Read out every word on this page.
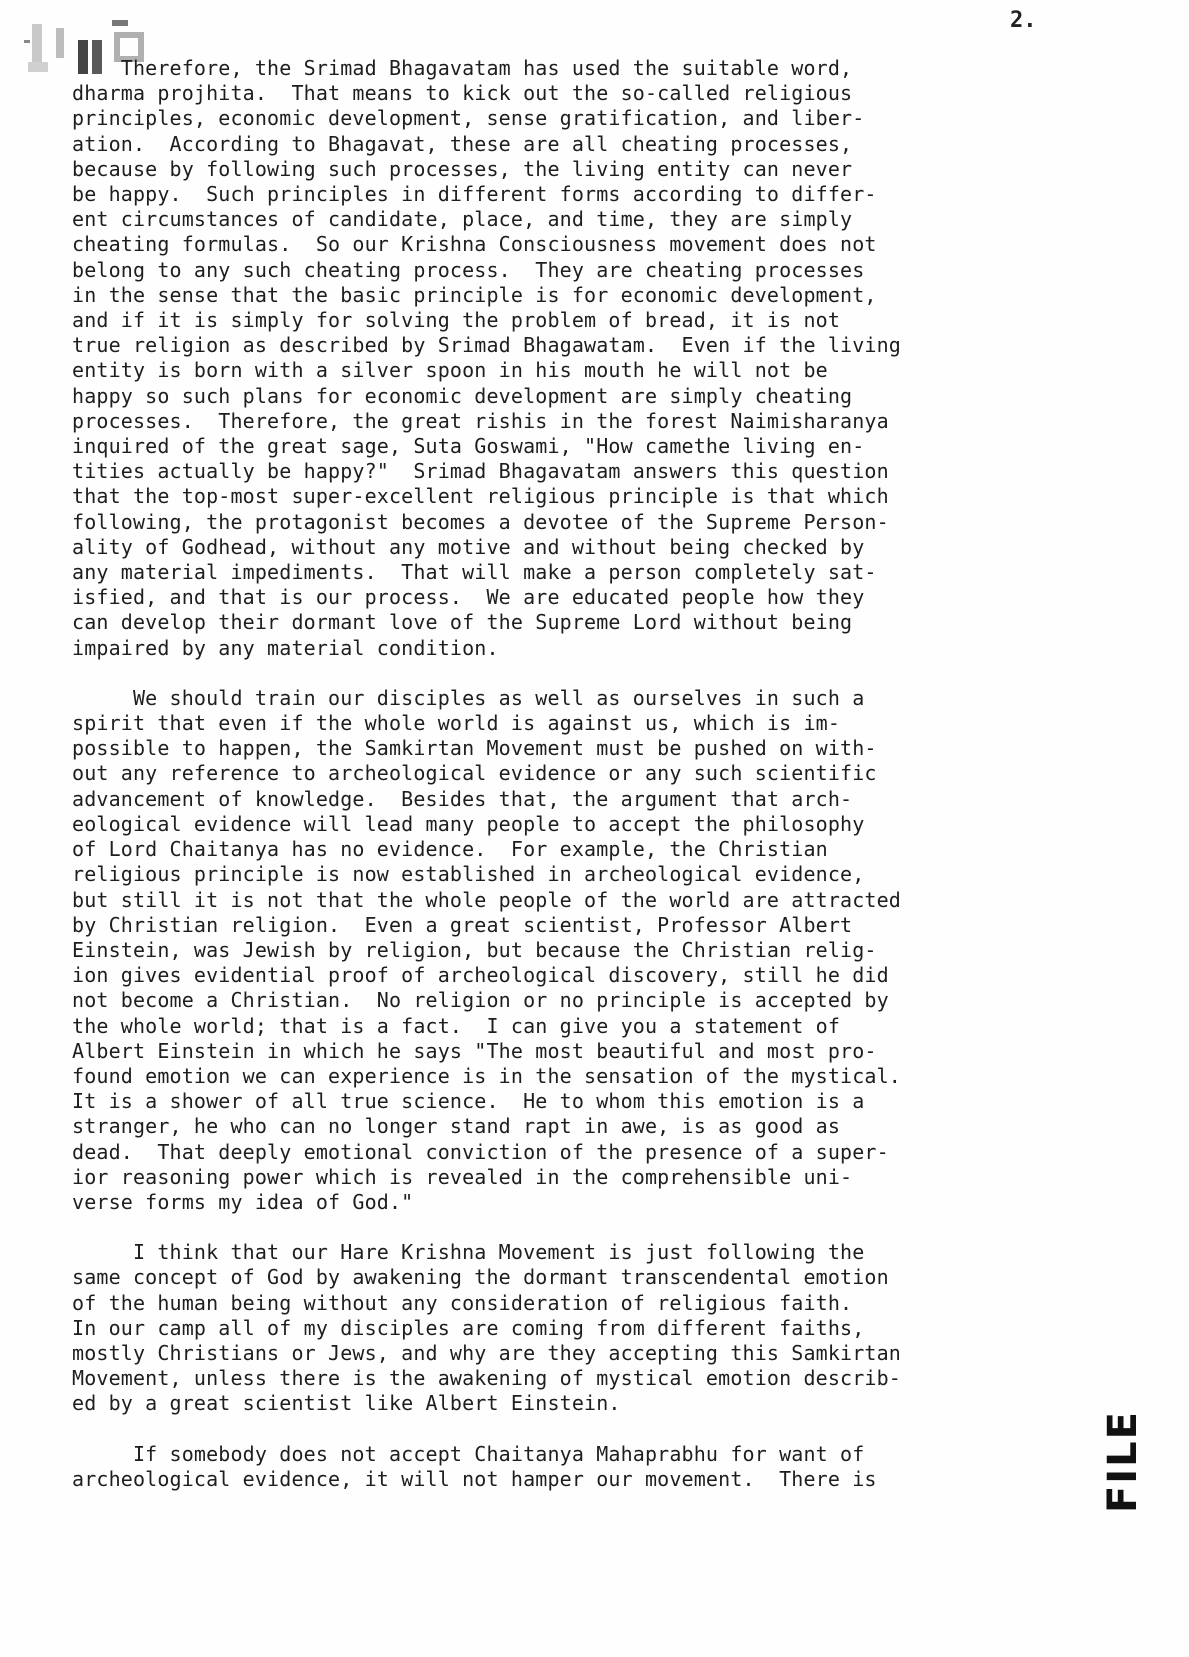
2.

Therefore, the Srimad Bhagavatam has used the suitable word,

dharma projhita.  That means to kick out the so-called religious

principles, economic development, sense gratification, and liber-

ation.  According to Bhagavat, these are all cheating processes,

because by following such processes, the living entity can never

be happy.  Such principles in different forms according to differ-

ent circumstances of candidate, place, and time, they are simply

cheating formulas.  So our Krishna Consciousness movement does not

belong to any such cheating process.  They are cheating processes

in the sense that the basic principle is for economic development,

and if it is simply for solving the problem of bread, it is not

true religion as described by Srimad Bhagawatam.  Even if the living

entity is born with a silver spoon in his mouth he will not be

happy so such plans for economic development are simply cheating

processes.  Therefore, the great rishis in the forest Naimisharanya

inquired of the great sage, Suta Goswami, "How camethe living en-

tities actually be happy?"  Srimad Bhagavatam answers this question

that the top-most super-excellent religious principle is that which

following, the protagonist becomes a devotee of the Supreme Person-

ality of Godhead, without any motive and without being checked by

any material impediments.  That will make a person completely sat-

isfied, and that is our process.  We are educated people how they

can develop their dormant love of the Supreme Lord without being

impaired by any material condition.

We should train our disciples as well as ourselves in such a

spirit that even if the whole world is against us, which is im-

possible to happen, the Samkirtan Movement must be pushed on with-

out any reference to archeological evidence or any such scientific

advancement of knowledge.  Besides that, the argument that arch-

eological evidence will lead many people to accept the philosophy

of Lord Chaitanya has no evidence.  For example, the Christian

religious principle is now established in archeological evidence,

but still it is not that the whole people of the world are attracted

by Christian religion.  Even a great scientist, Professor Albert

Einstein, was Jewish by religion, but because the Christian relig-

ion gives evidential proof of archeological discovery, still he did

not become a Christian.  No religion or no principle is accepted by

the whole world; that is a fact.  I can give you a statement of

Albert Einstein in which he says "The most beautiful and most pro-

found emotion we can experience is in the sensation of the mystical.

It is a shower of all true science.  He to whom this emotion is a

stranger, he who can no longer stand rapt in awe, is as good as

dead.  That deeply emotional conviction of the presence of a super-

ior reasoning power which is revealed in the comprehensible uni-

verse forms my idea of God."

I think that our Hare Krishna Movement is just following the

same concept of God by awakening the dormant transcendental emotion

of the human being without any consideration of religious faith.

In our camp all of my disciples are coming from different faiths,

mostly Christians or Jews, and why are they accepting this Samkirtan

Movement, unless there is the awakening of mystical emotion describ-

ed by a great scientist like Albert Einstein.

If somebody does not accept Chaitanya Mahaprabhu for want of

archeological evidence, it will not hamper our movement.  There is	FILE
